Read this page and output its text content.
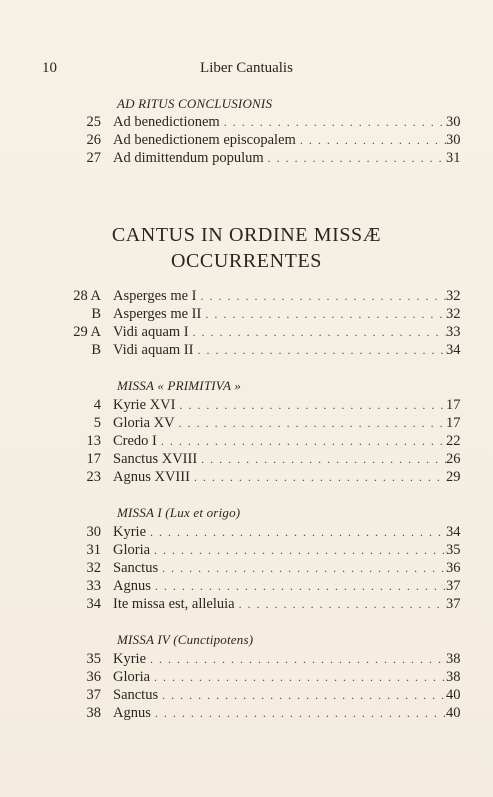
10	Liber Cantualis
AD RITUS CONCLUSIONIS
25 Ad benedictionem . . .	30
26 Ad benedictionem episcopalem . . .	30
27 Ad dimittendum populum . . .	31
CANTUS IN ORDINE MISSÆ
OCCURRENTES
28 A Asperges me I . . .	32
B Asperges me II . . .	32
29 A Vidi aquam I . . .	33
B Vidi aquam II . . .	34
MISSA « PRIMITIVA »
4 Kyrie XVI . . .	17
5 Gloria XV . . .	17
13 Credo I . . .	22
17 Sanctus XVIII . . .	26
23 Agnus XVIII . . .	29
MISSA I (Lux et origo)
30 Kyrie . . .	34
31 Gloria . . .	35
32 Sanctus . . .	36
33 Agnus . . .	37
34 Ite missa est, alleluia . . .	37
MISSA IV (Cunctipotens)
35 Kyrie . . .	38
36 Gloria . . .	38
37 Sanctus . . .	40
38 Agnus . . .	40
